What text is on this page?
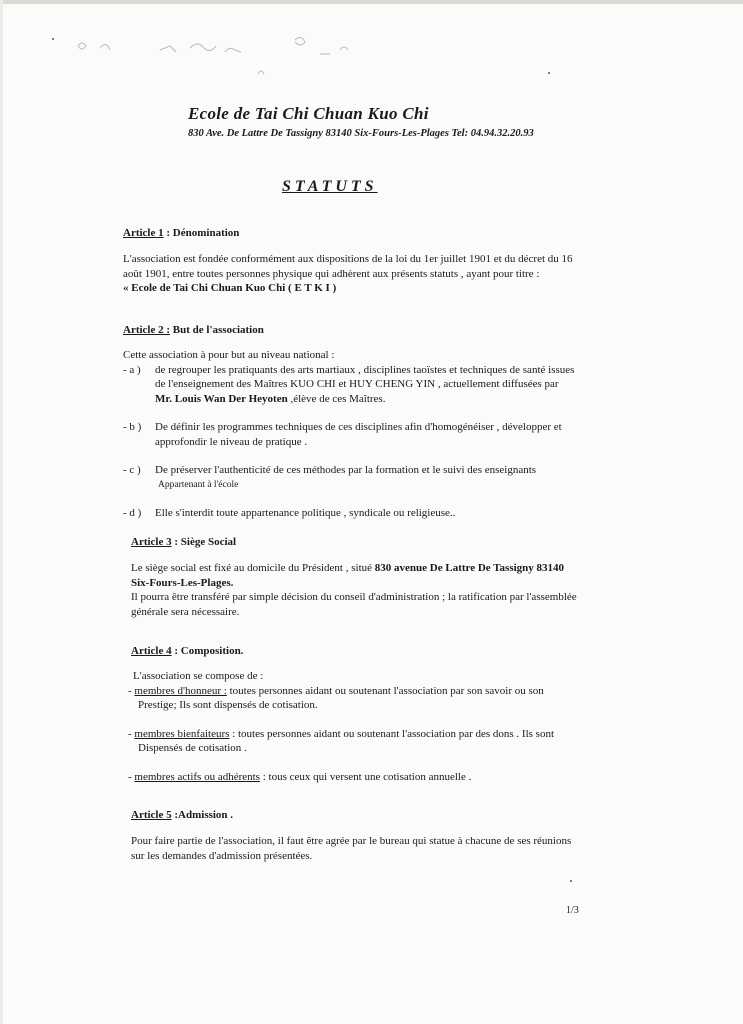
Ecole de Tai Chi Chuan Kuo Chi
830 Ave. De Lattre De Tassigny 83140 Six-Fours-Les-Plages Tel: 04.94.32.20.93
STATUTS
Article 1 : Dénomination
L'association est fondée conformément aux dispositions de la loi du 1er juillet 1901 et du décret du 16
août 1901, entre toutes personnes physique qui adhèrent aux présents statuts , ayant pour titre :
« Ecole de Tai Chi Chuan Kuo Chi ( E T K I )
Article 2 : But de l'association
Cette association à pour but au niveau national :
- a ) de regrouper les pratiquants des arts martiaux , disciplines taoïstes et techniques de santé issues
de l'enseignement des Maîtres KUO CHI et HUY CHENG YIN , actuellement diffusées par
Mr. Louis Wan Der Heyoten ,élève de ces Maîtres.
- b ) De définir les programmes techniques de ces disciplines afin d'homogénéiser , développer et
approfondir le niveau de pratique .
- c ) De préserver l'authenticité de ces méthodes par la formation et le suivi des enseignants
Appartenant à l'école
- d ) Elle s'interdit toute appartenance politique , syndicale ou religieuse..
Article 3 : Siège Social
Le siège social est fixé au domicile du Président , situé 830 avenue De Lattre De Tassigny 83140
Six-Fours-Les-Plages.
Il pourra être transféré par simple décision du conseil d'administration ; la ratification par l'assemblée
générale sera nécessaire.
Article 4 : Composition.
L'association se compose de :
- membres d'honneur : toutes personnes aidant ou soutenant l'association par son savoir ou son
Prestige; Ils sont dispensés de cotisation.
- membres bienfaiteurs : toutes personnes aidant ou soutenant l'association par des dons . Ils sont
Dispensés de cotisation .
- membres actifs ou adhérents : tous ceux qui versent une cotisation annuelle .
Article 5 :Admission .
Pour faire partie de l'association, il faut être agrée par le bureau qui statue à chacune de ses réunions
sur les demandes d'admission présentées.
1/3
